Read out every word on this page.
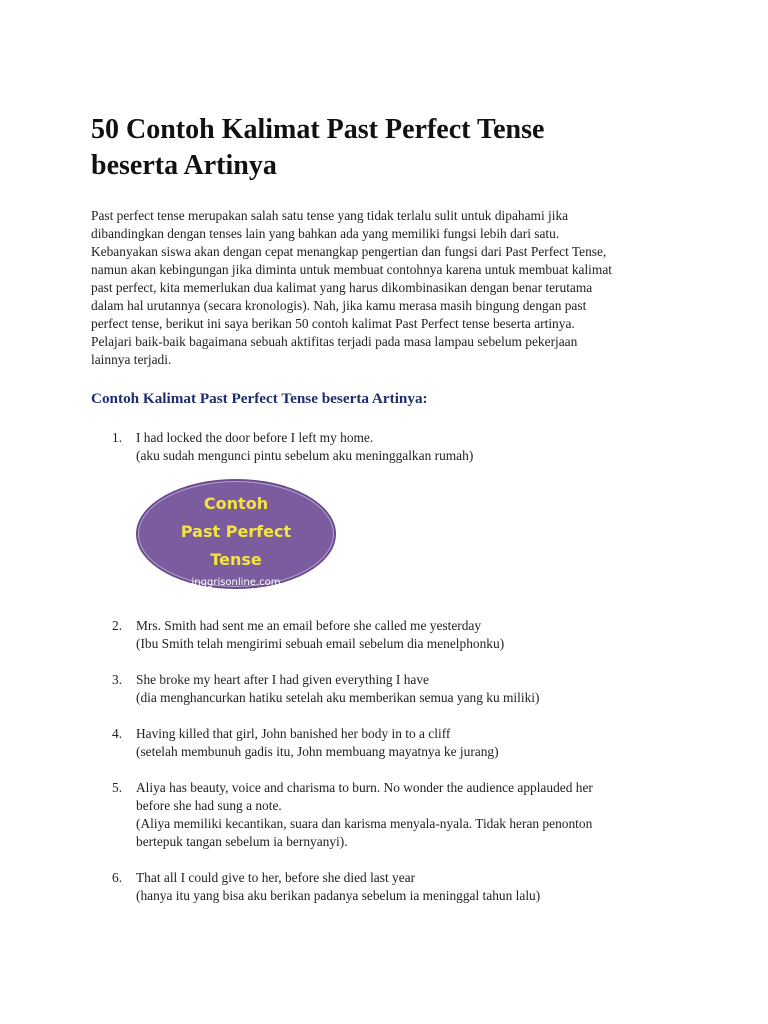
50 Contoh Kalimat Past Perfect Tense
beserta Artinya

Past perfect tense merupakan salah satu tense yang tidak terlalu sulit untuk dipahami jika
dibandingkan dengan tenses lain yang bahkan ada yang memiliki fungsi lebih dari satu.
Kebanyakan siswa akan dengan cepat menangkap pengertian dan fungsi dari Past Perfect Tense,
namun akan kebingungan jika diminta untuk membuat contohnya karena untuk membuat kalimat
past perfect, kita memerlukan dua kalimat yang harus dikombinasikan dengan benar terutama
dalam hal urutannya (secara kronologis). Nah, jika kamu merasa masih bingung dengan past
perfect tense, berikut ini saya berikan 50 contoh kalimat Past Perfect tense beserta artinya.
Pelajari baik-baik bagaimana sebuah aktifitas terjadi pada masa lampau sebelum pekerjaan
lainnya terjadi.

Contoh Kalimat Past Perfect Tense beserta Artinya:
1. I had locked the door before I left my home.
(aku sudah mengunci pintu sebelum aku meninggalkan rumah)
Contoh
Past Perfect
Tense
inggrisonline.com
2. Mrs. Smith had sent me an email before she called me yesterday
(Ibu Smith telah mengirimi sebuah email sebelum dia menelphonku)
3. She broke my heart after I had given everything I have
(dia menghancurkan hatiku setelah aku memberikan semua yang ku miliki)
4. Having killed that girl, John banished her body in to a cliff
(setelah membunuh gadis itu, John membuang mayatnya ke jurang)
5. Aliya has beauty, voice and charisma to burn. No wonder the audience applauded her
before she had sung a note.
(Aliya memiliki kecantikan, suara dan karisma menyala-nyala. Tidak heran penonton
bertepuk tangan sebelum ia bernyanyi).
6. That all I could give to her, before she died last year
(hanya itu yang bisa aku berikan padanya sebelum ia meninggal tahun lalu)
